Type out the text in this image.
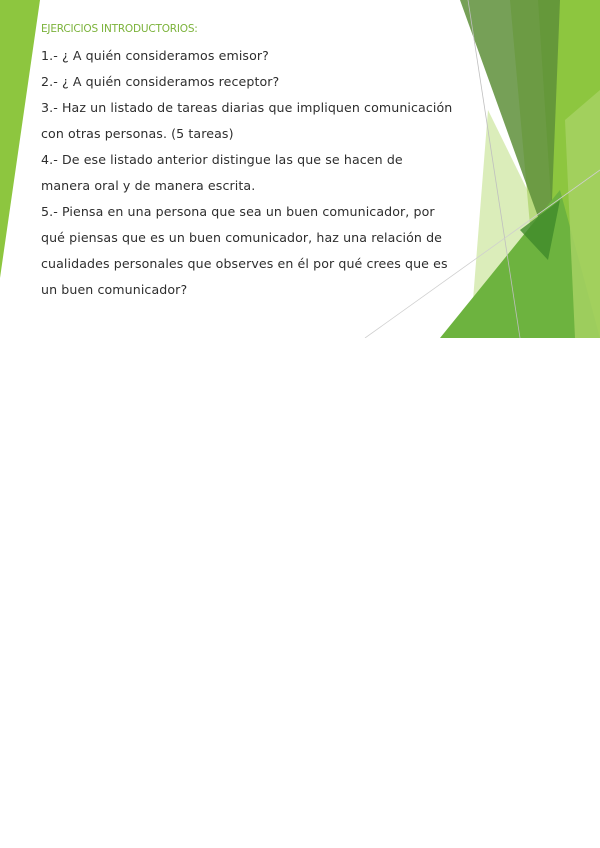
EJERCICIOS INTRODUCTORIOS:

1.- ¿ A quién consideramos emisor?

2.- ¿ A quién consideramos receptor?

3.- Haz un listado de tareas diarias que impliquen comunicación con otras personas. (5 tareas)

4.- De ese listado anterior distingue las que se hacen de manera oral y de manera escrita.

5.- Piensa en una persona que sea un buen comunicador, por qué piensas que es un buen comunicador, haz una relación de cualidades personales que observes en él por qué crees que es un buen comunicador?
